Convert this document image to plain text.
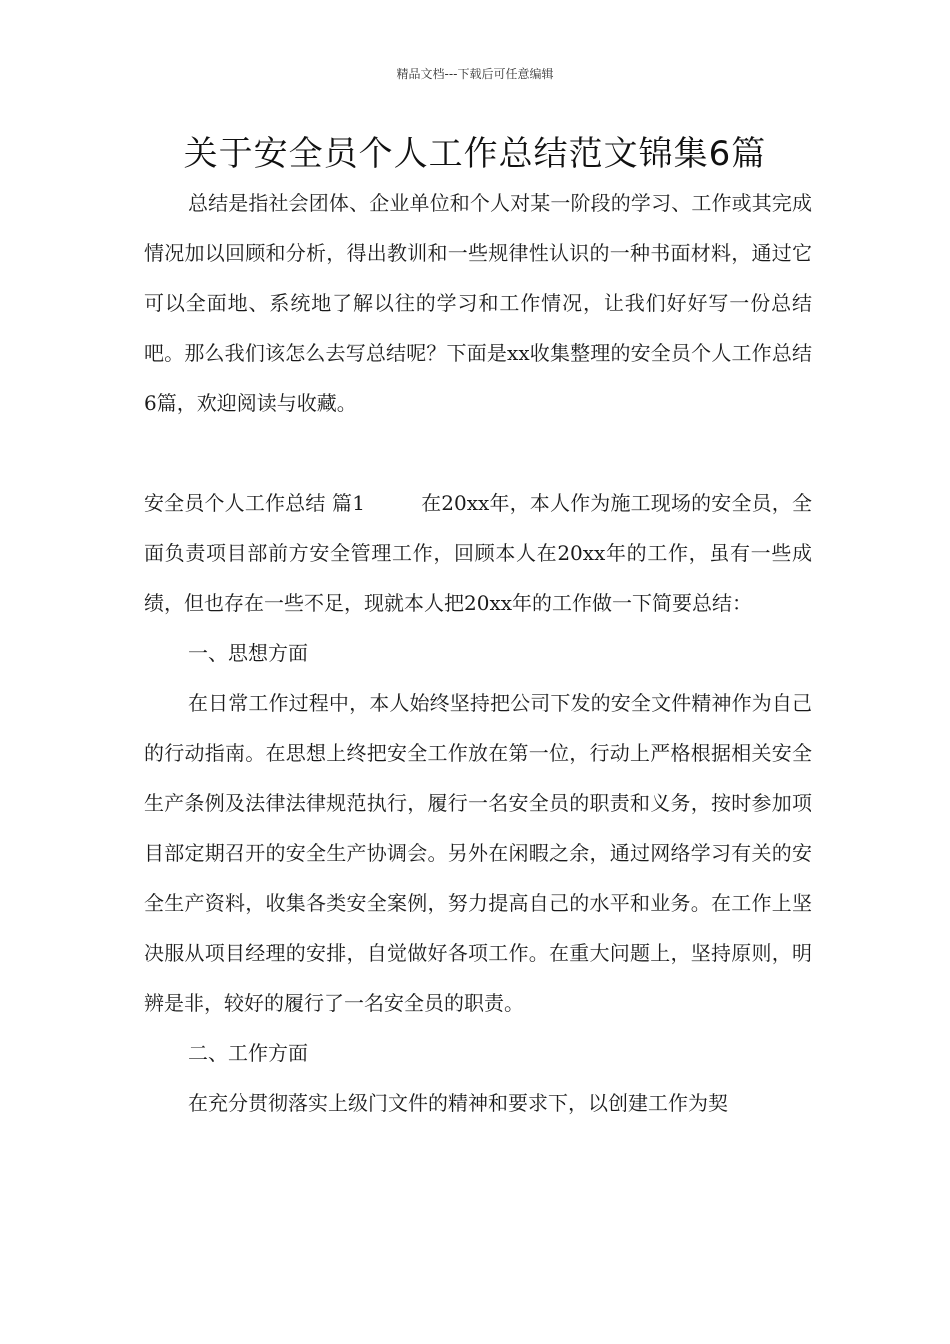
精品文档---下载后可任意编辑
关于安全员个人工作总结范文锦集6篇

总结是指社会团体、企业单位和个人对某一阶段的学习、工作或其完成情况加以回顾和分析，得出教训和一些规律性认识的一种书面材料，通过它可以全面地、系统地了解以往的学习和工作情况，让我们好好写一份总结吧。那么我们该怎么去写总结呢？下面是xx收集整理的安全员个人工作总结6篇，欢迎阅读与收藏。

安全员个人工作总结 篇1	在20xx年，本人作为施工现场的安全员，全面负责项目部前方安全管理工作，回顾本人在20xx年的工作，虽有一些成绩，但也存在一些不足，现就本人把20xx年的工作做一下简要总结：

一、思想方面

在日常工作过程中，本人始终坚持把公司下发的安全文件精神作为自己的行动指南。在思想上终把安全工作放在第一位，行动上严格根据相关安全生产条例及法律法律规范执行，履行一名安全员的职责和义务，按时参加项目部定期召开的安全生产协调会。另外在闲暇之余，通过网络学习有关的安全生产资料，收集各类安全案例，努力提高自己的水平和业务。在工作上坚决服从项目经理的安排，自觉做好各项工作。在重大问题上，坚持原则，明辨是非，较好的履行了一名安全员的职责。

二、工作方面

在充分贯彻落实上级门文件的精神和要求下，以创建工作为契
